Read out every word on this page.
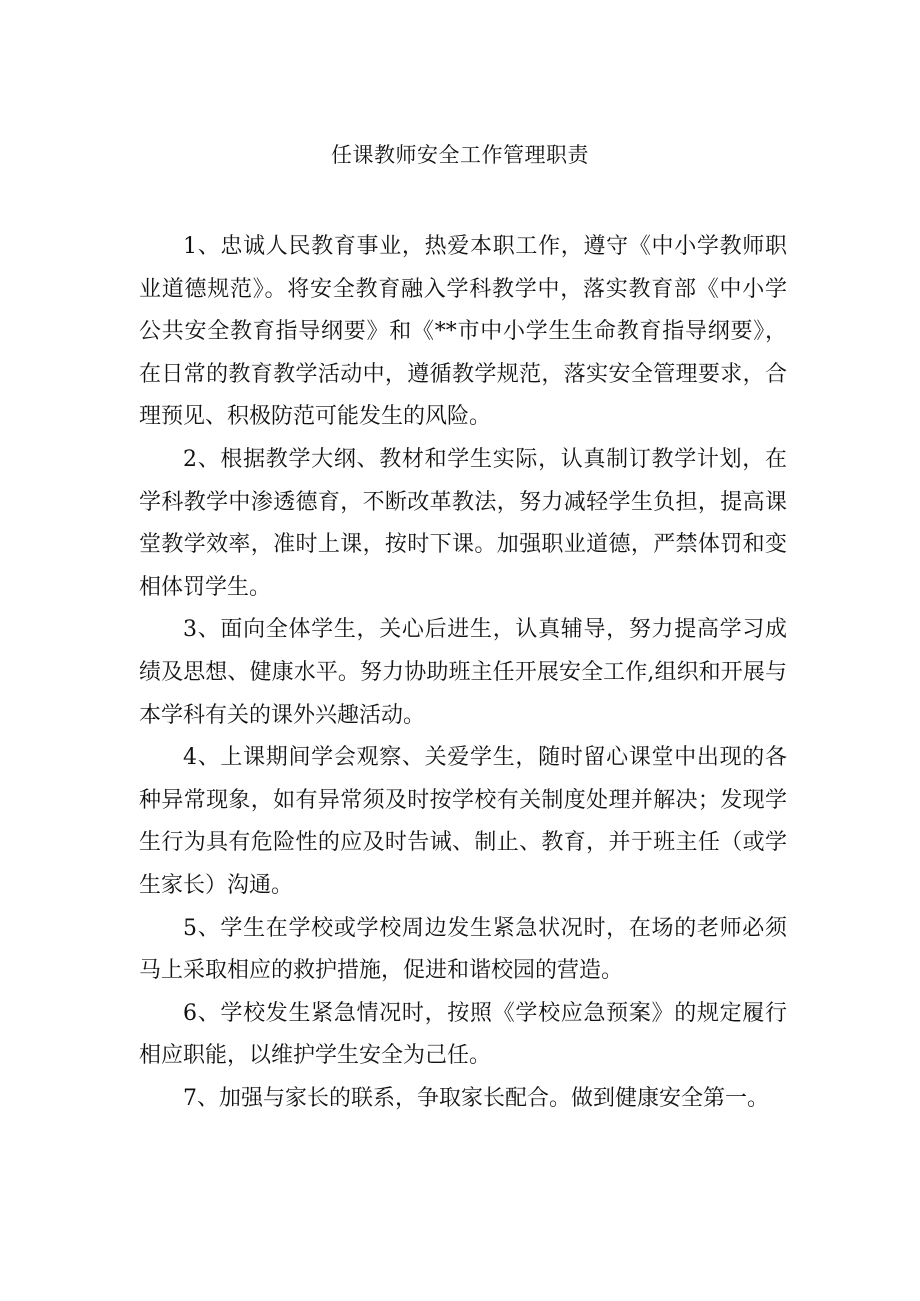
任课教师安全工作管理职责

1、忠诚人民教育事业，热爱本职工作，遵守《中小学教师职业道德规范》。将安全教育融入学科教学中，落实教育部《中小学公共安全教育指导纲要》和《**市中小学生生命教育指导纲要》，在日常的教育教学活动中，遵循教学规范，落实安全管理要求，合理预见、积极防范可能发生的风险。

2、根据教学大纲、教材和学生实际，认真制订教学计划，在学科教学中渗透德育，不断改革教法，努力减轻学生负担，提高课堂教学效率，准时上课，按时下课。加强职业道德，严禁体罚和变相体罚学生。

3、面向全体学生，关心后进生，认真辅导，努力提高学习成绩及思想、健康水平。努力协助班主任开展安全工作,组织和开展与本学科有关的课外兴趣活动。

4、上课期间学会观察、关爱学生，随时留心课堂中出现的各种异常现象，如有异常须及时按学校有关制度处理并解决；发现学生行为具有危险性的应及时告诫、制止、教育，并于班主任（或学生家长）沟通。

5、学生在学校或学校周边发生紧急状况时，在场的老师必须马上采取相应的救护措施，促进和谐校园的营造。

6、学校发生紧急情况时，按照《学校应急预案》的规定履行相应职能，以维护学生安全为己任。

7、加强与家长的联系，争取家长配合。做到健康安全第一。
